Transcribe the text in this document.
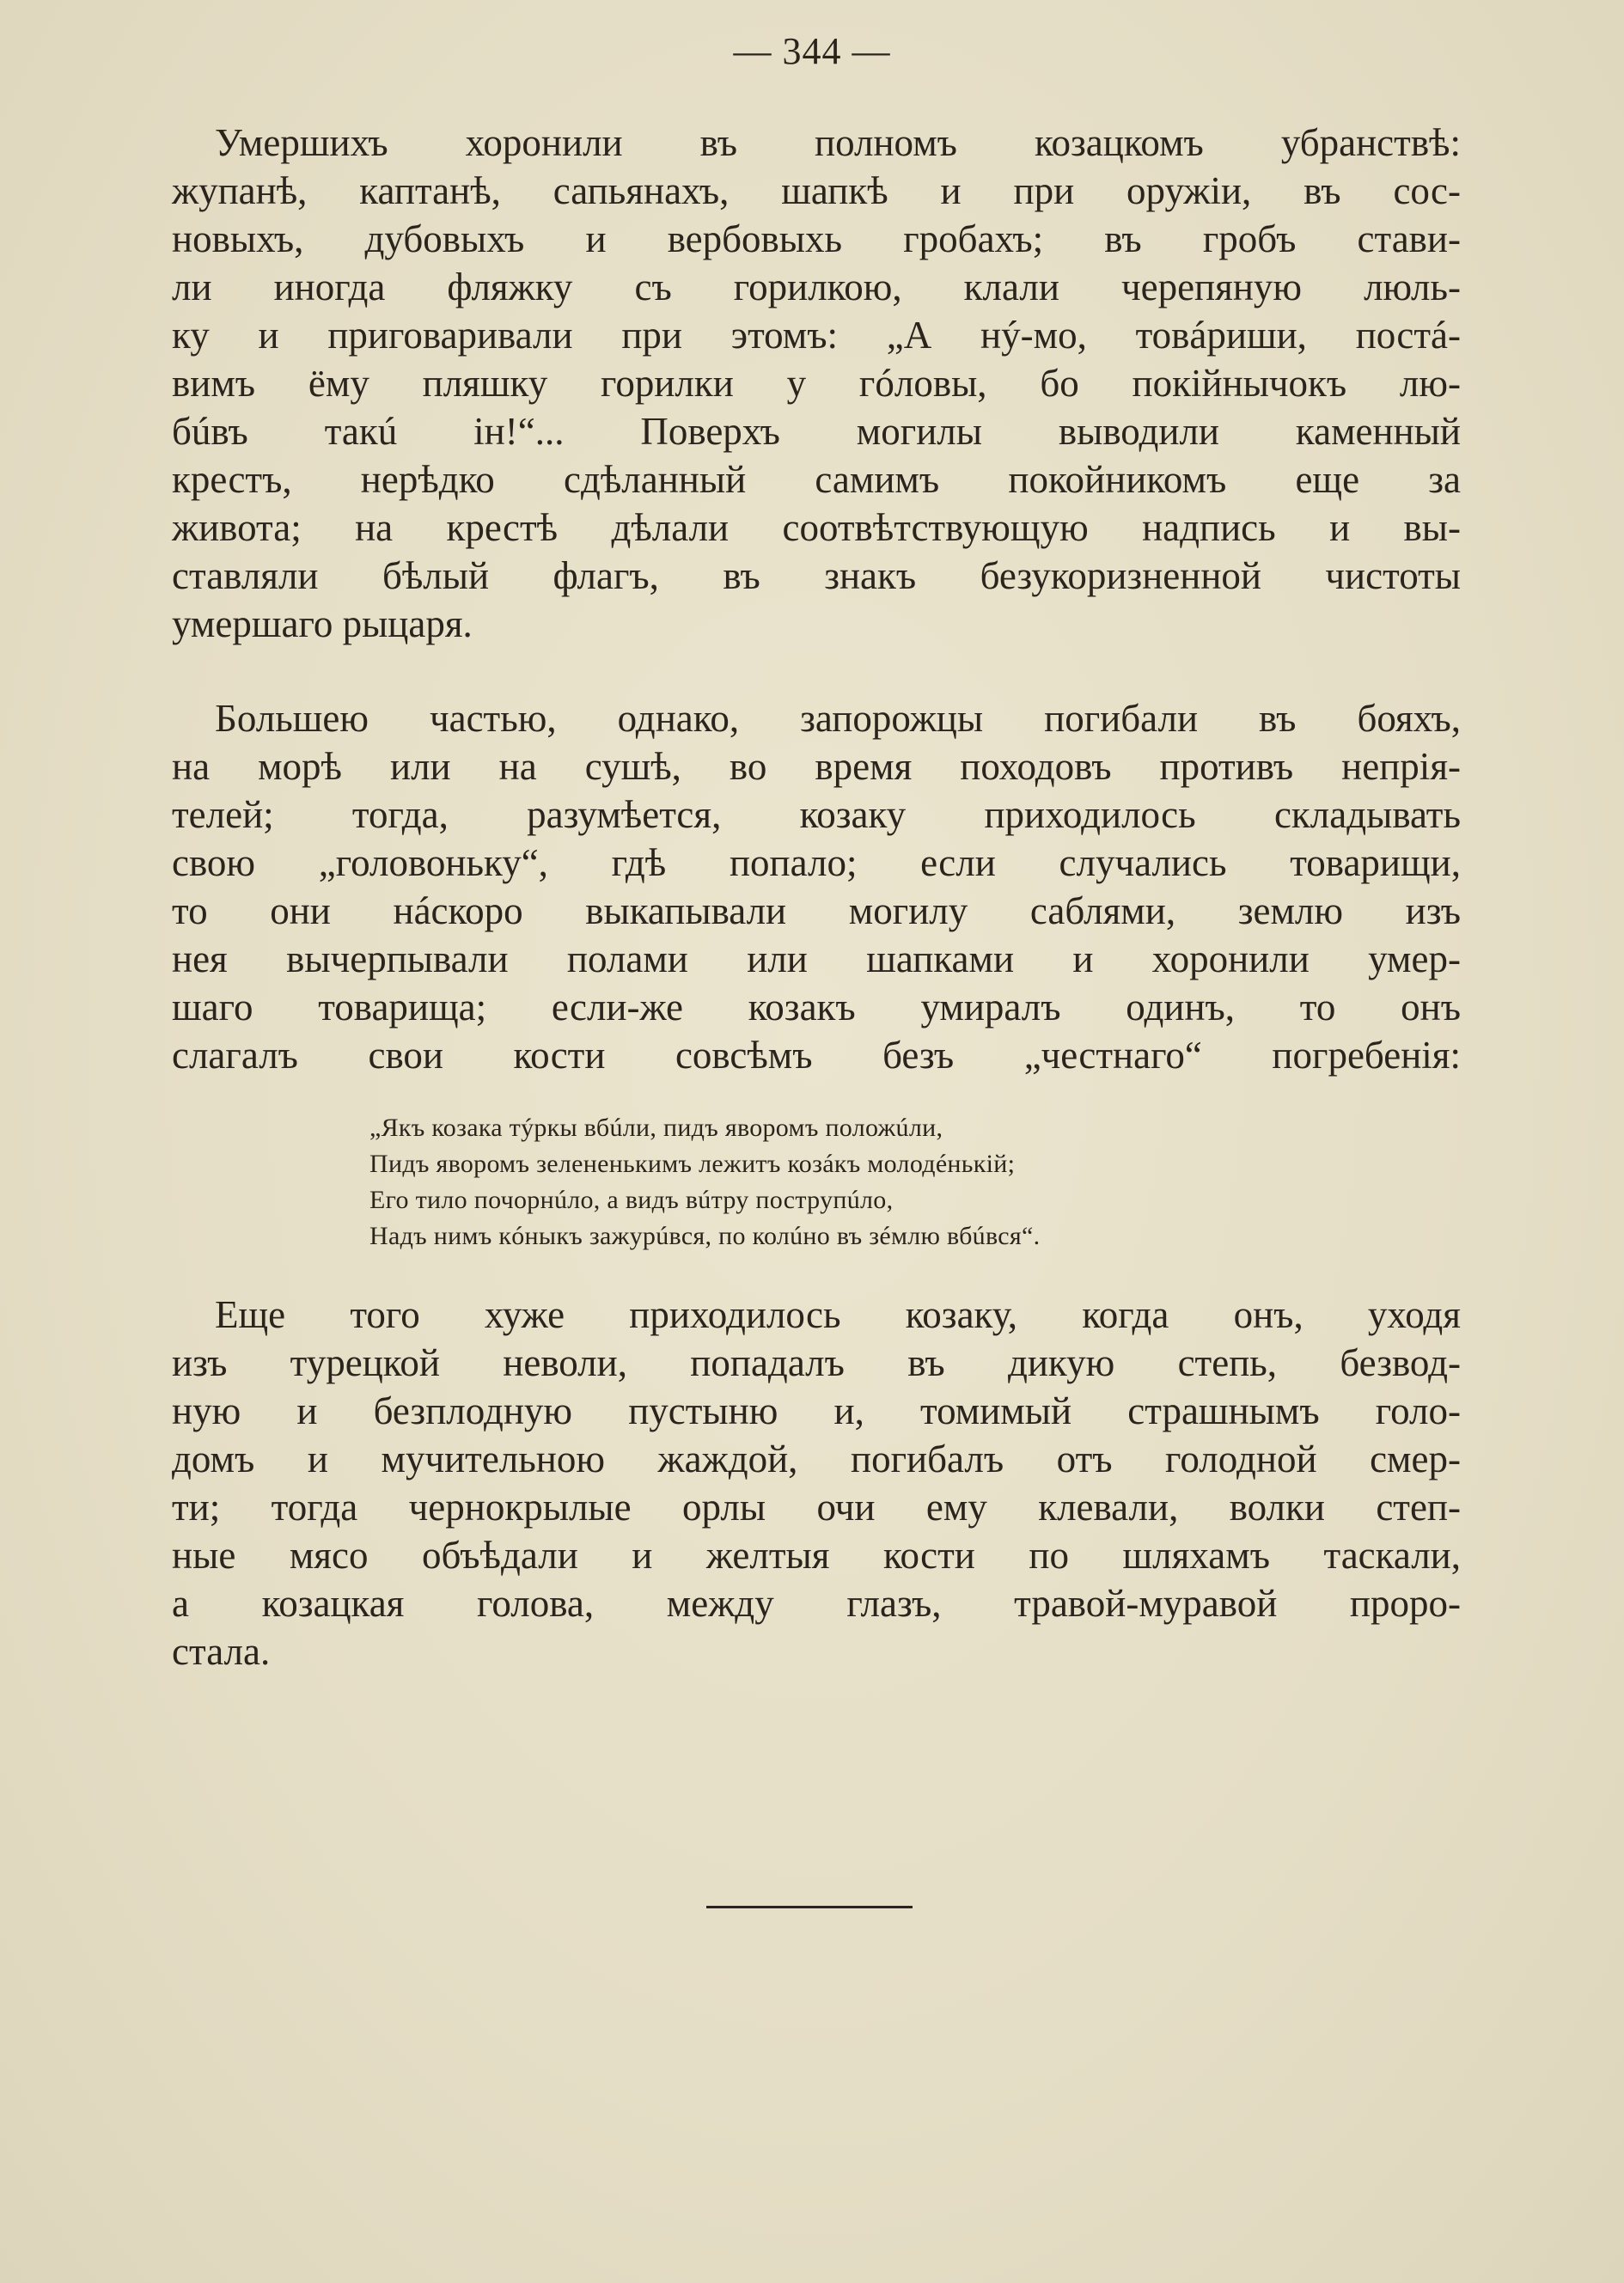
— 344 —
Умершихъ хоронили въ полномъ козацкомъ убранствѣ:
жупанѣ, каптанѣ, сапьянахъ, шапкѣ и при оружіи, въ сос-
новыхъ, дубовыхъ и вербовыхь гробахъ; въ гробъ стави-
ли иногда фляжку съ горилкою, клали черепяную люль-
ку и приговаривали при этомъ: „А нý-мо, товáриши, постá-
вимъ ёму пляшку горилки у гóловы, бо покiйнычокъ лю-
бúвъ такú iн!“... Поверхъ могилы выводили каменный
крестъ, нерѣдко сдѣланный самимъ покойникомъ еще за
живота; на крестѣ дѣлали соотвѣтствующую надпись и вы-
ставляли бѣлый флагъ, въ знакъ безукоризненной чистоты
умершаго рыцаря.
Большею частью, однако, запорожцы погибали въ бояхъ,
на морѣ или на сушѣ, во время походовъ противъ непрія-
телей; тогда, разумѣется, козаку приходилось складывать
свою „головоньку“, гдѣ попало; если случались товарищи,
то они нáскоро выкапывали могилу саблями, землю изъ
нея вычерпывали полами или шапками и хоронили умер-
шаго товарища; если-же козакъ умиралъ одинъ, то онъ
слагалъ свои кости совсѣмъ безъ „честнаго“ погребенія:
„Якъ козака тýркы вбúли, пидъ яворомъ положúли,
Пидъ яворомъ зелененькимъ лежитъ козáкъ молодéнькiй;
Его тило почорнúло, а видъ вúтру пострупúло,
Надъ нимъ кóныкъ зажурúвся, по колúно въ зéмлю вбúвся“.
Еще того хуже приходилось козаку, когда онъ, уходя
изъ турецкой неволи, попадалъ въ дикую степь, безвод-
ную и безплодную пустыню и, томимый страшнымъ голо-
домъ и мучительною жаждой, погибалъ отъ голодной смер-
ти; тогда чернокрылые орлы очи ему клевали, волки степ-
ные мясо объѣдали и желтыя кости по шляхамъ таскали,
а козацкая голова, между глазъ, травой-муравой проро-
стала.
